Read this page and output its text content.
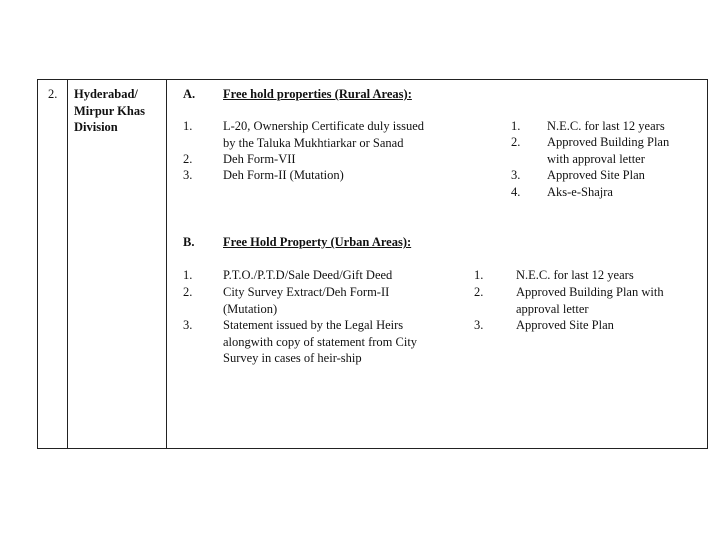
2. Hyderabad/
Mirpur Khas
Division
A. Free hold properties (Rural Areas):
1. L-20, Ownership Certificate duly issued
by the Taluka Mukhtiarkar or Sanad
2. Deh Form-VII
3. Deh Form-II (Mutation)
1. N.E.C. for last 12 years
2. Approved Building Plan
with approval letter
3. Approved Site Plan
4. Aks-e-Shajra
B. Free Hold Property (Urban Areas):
1. P.T.O./P.T.D/Sale Deed/Gift Deed
2. City Survey Extract/Deh Form-II
(Mutation)
3. Statement issued by the Legal Heirs
alongwith copy of statement from City
Survey in cases of heir-ship
1.	N.E.C. for last 12 years
2.	Approved Building Plan with
approval letter
3.	Approved Site Plan
